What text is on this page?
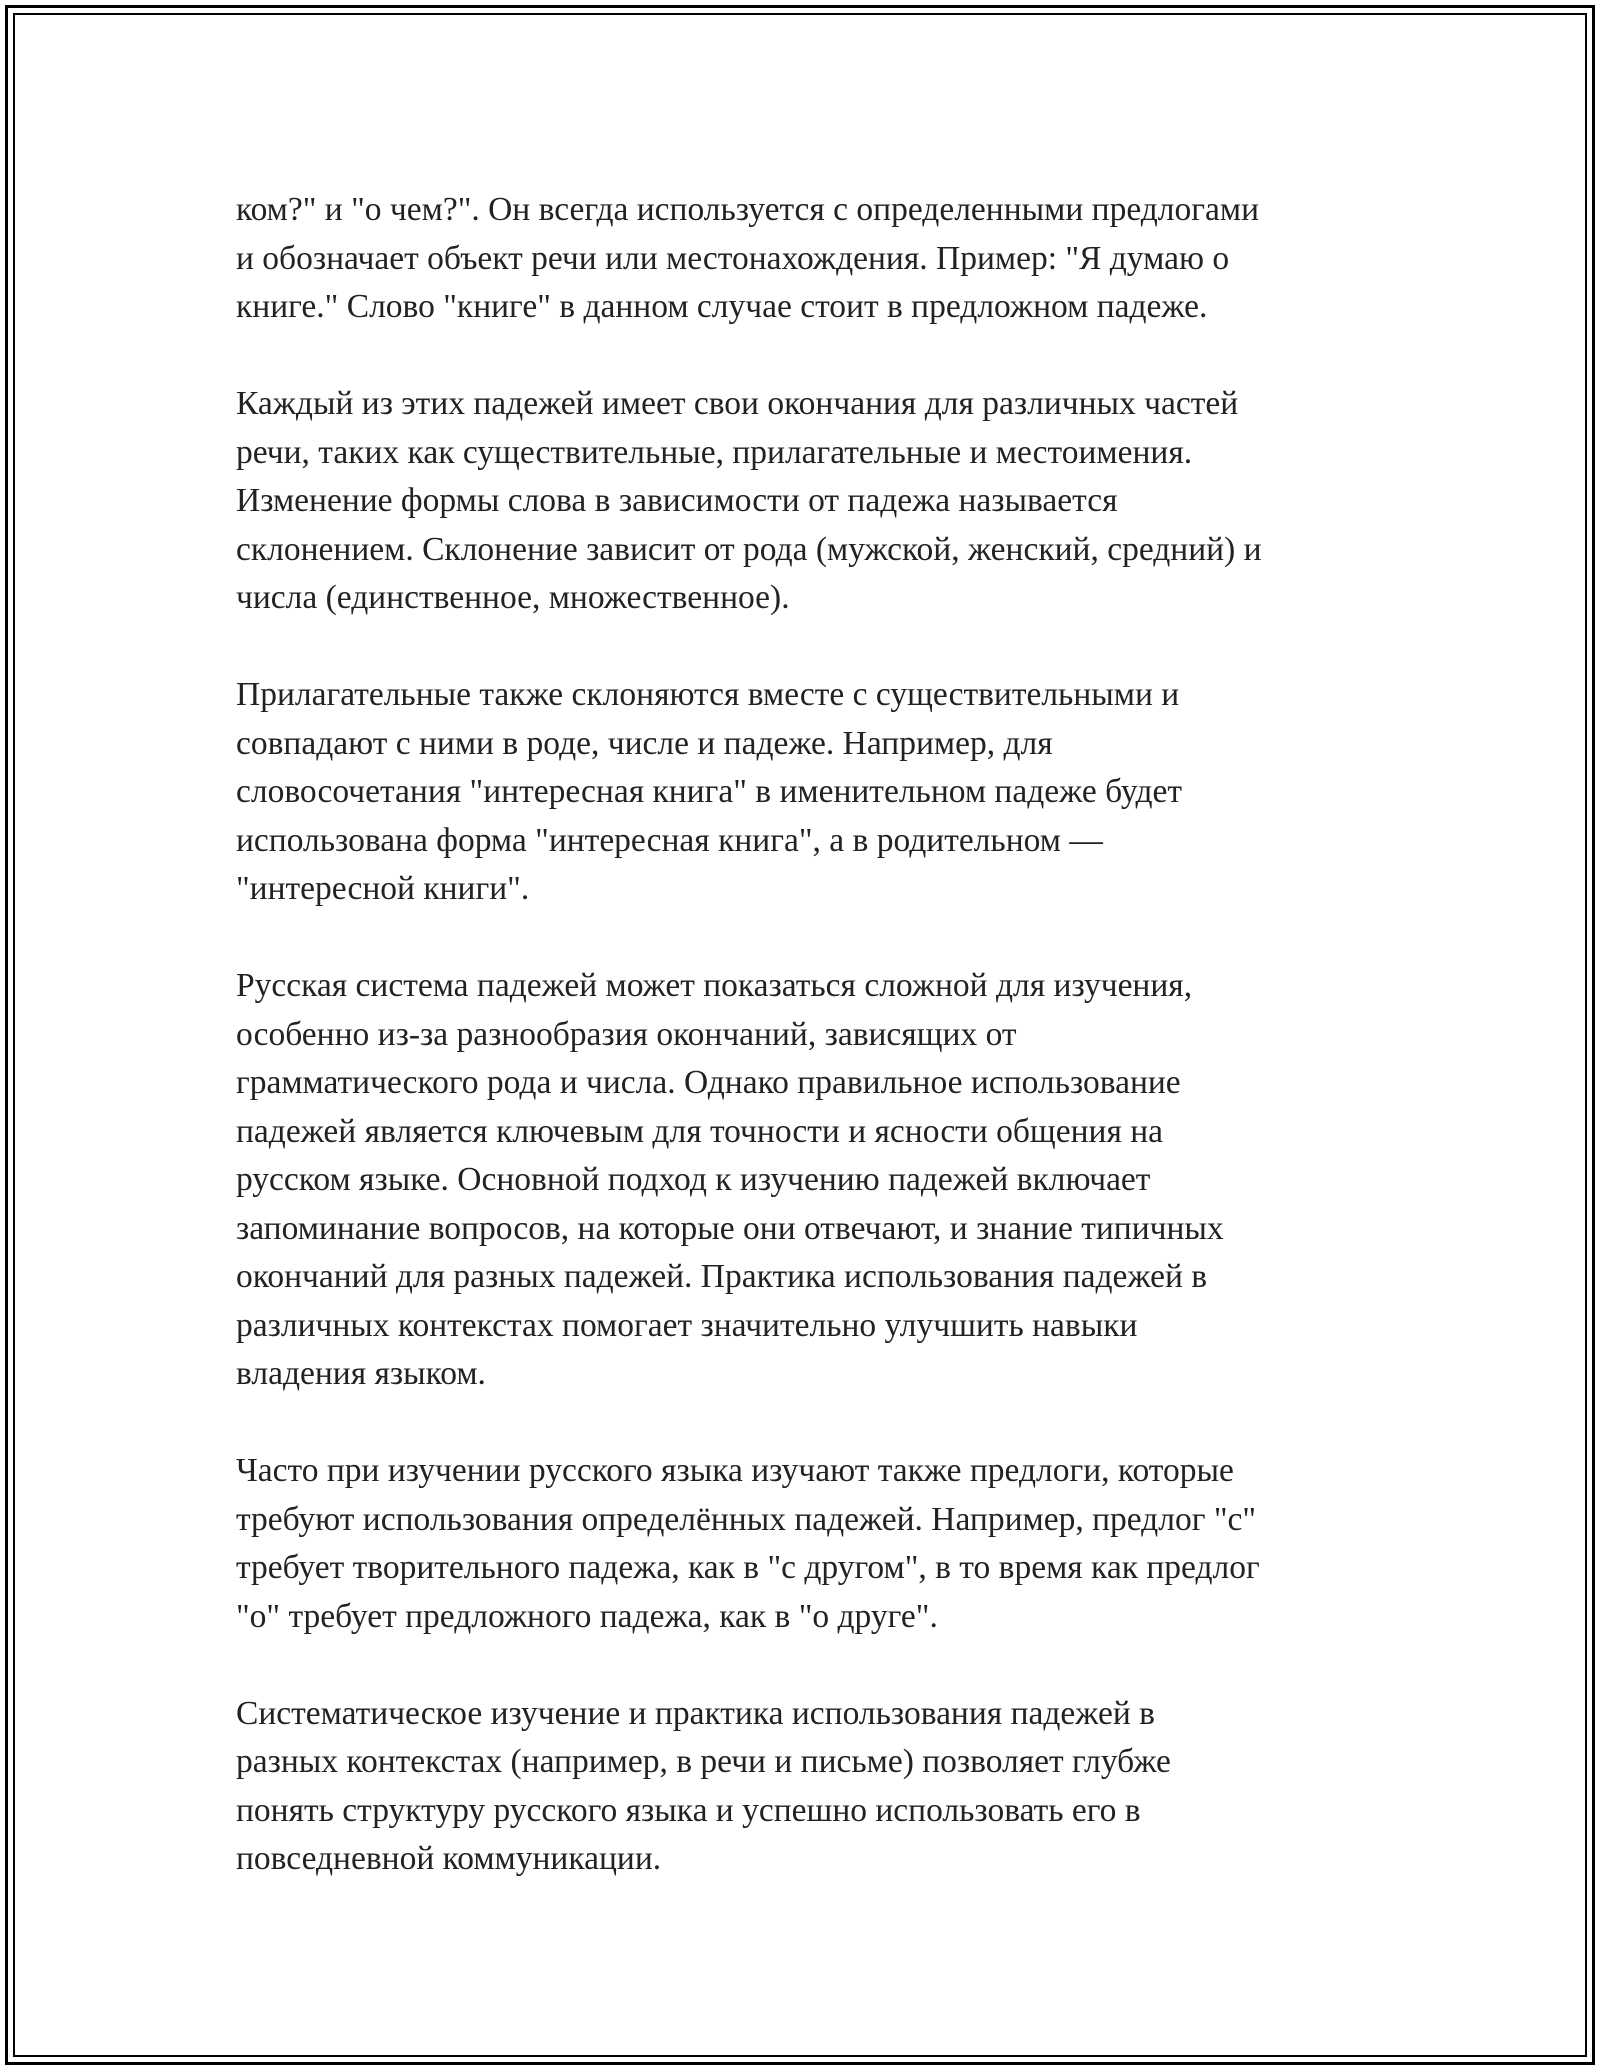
ком?" и "о чем?". Он всегда используется с определенными предлогами
и обозначает объект речи или местонахождения. Пример: "Я думаю о
книге." Слово "книге" в данном случае стоит в предложном падеже.

Каждый из этих падежей имеет свои окончания для различных частей
речи, таких как существительные, прилагательные и местоимения.
Изменение формы слова в зависимости от падежа называется
склонением. Склонение зависит от рода (мужской, женский, средний) и
числа (единственное, множественное).

Прилагательные также склоняются вместе с существительными и
совпадают с ними в роде, числе и падеже. Например, для
словосочетания "интересная книга" в именительном падеже будет
использована форма "интересная книга", а в родительном —
"интересной книги".

Русская система падежей может показаться сложной для изучения,
особенно из-за разнообразия окончаний, зависящих от
грамматического рода и числа. Однако правильное использование
падежей является ключевым для точности и ясности общения на
русском языке. Основной подход к изучению падежей включает
запоминание вопросов, на которые они отвечают, и знание типичных
окончаний для разных падежей. Практика использования падежей в
различных контекстах помогает значительно улучшить навыки
владения языком.

Часто при изучении русского языка изучают также предлоги, которые
требуют использования определённых падежей. Например, предлог "с"
требует творительного падежа, как в "с другом", в то время как предлог
"о" требует предложного падежа, как в "о друге".

Систематическое изучение и практика использования падежей в
разных контекстах (например, в речи и письме) позволяет глубже
понять структуру русского языка и успешно использовать его в
повседневной коммуникации.
